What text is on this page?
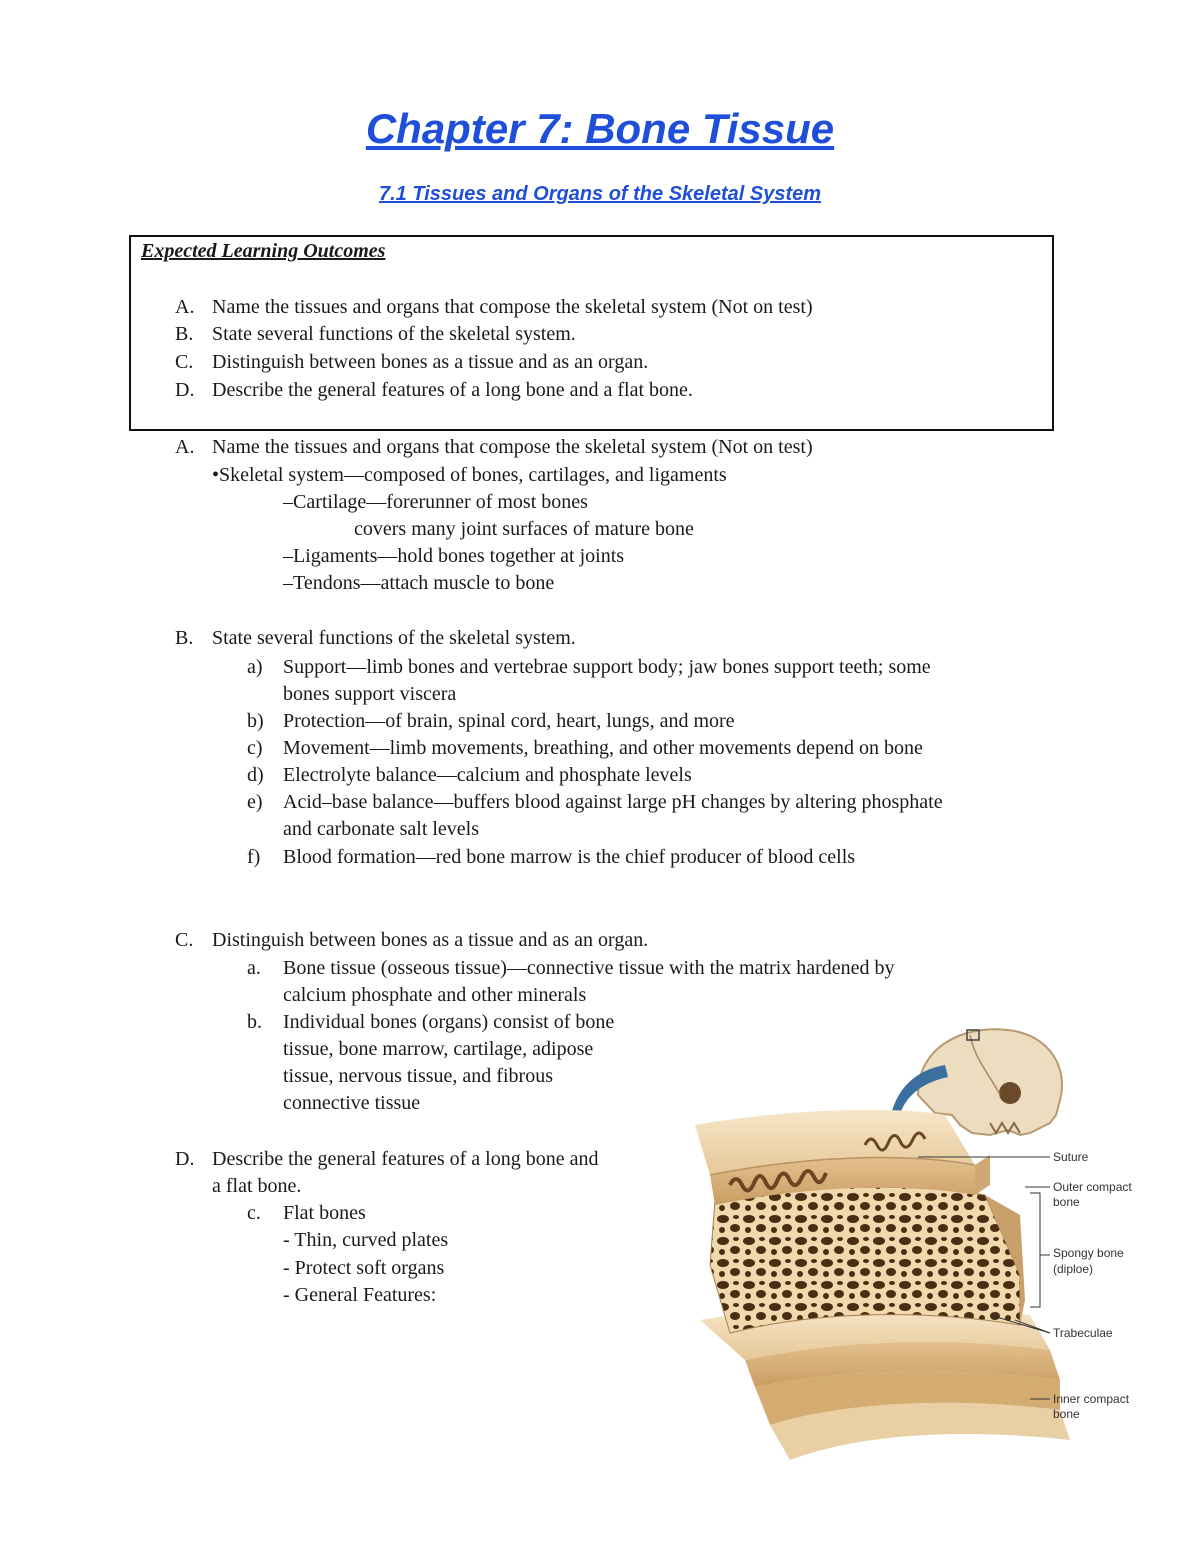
Chapter 7: Bone Tissue
7.1 Tissues and Organs of the Skeletal System
Expected Learning Outcomes
A. Name the tissues and organs that compose the skeletal system (Not on test)
B. State several functions of the skeletal system.
C. Distinguish between bones as a tissue and as an organ.
D. Describe the general features of a long bone and a flat bone.
A. Name the tissues and organs that compose the skeletal system (Not on test)
•Skeletal system—composed of bones, cartilages, and ligaments
–Cartilage—forerunner of most bones
covers many joint surfaces of mature bone
–Ligaments—hold bones together at joints
–Tendons—attach muscle to bone
B. State several functions of the skeletal system.
a) Support—limb bones and vertebrae support body; jaw bones support teeth; some
bones support viscera
b) Protection—of brain, spinal cord, heart, lungs, and more
c) Movement—limb movements, breathing, and other movements depend on bone
d) Electrolyte balance—calcium and phosphate levels
e) Acid–base balance—buffers blood against large pH changes by altering phosphate
and carbonate salt levels
f) Blood formation—red bone marrow is the chief producer of blood cells
C. Distinguish between bones as a tissue and as an organ.
a. Bone tissue (osseous tissue)—connective tissue with the matrix hardened by
calcium phosphate and other minerals
b. Individual bones (organs) consist of bone
tissue, bone marrow, cartilage, adipose
tissue, nervous tissue, and fibrous
connective tissue
D. Describe the general features of a long bone and
a flat bone.
c. Flat bones
- Thin, curved plates
- Protect soft organs
- General Features:
Suture
Outer compact
bone
Spongy bone
(diploe)
Trabeculae
Inner compact
bone
